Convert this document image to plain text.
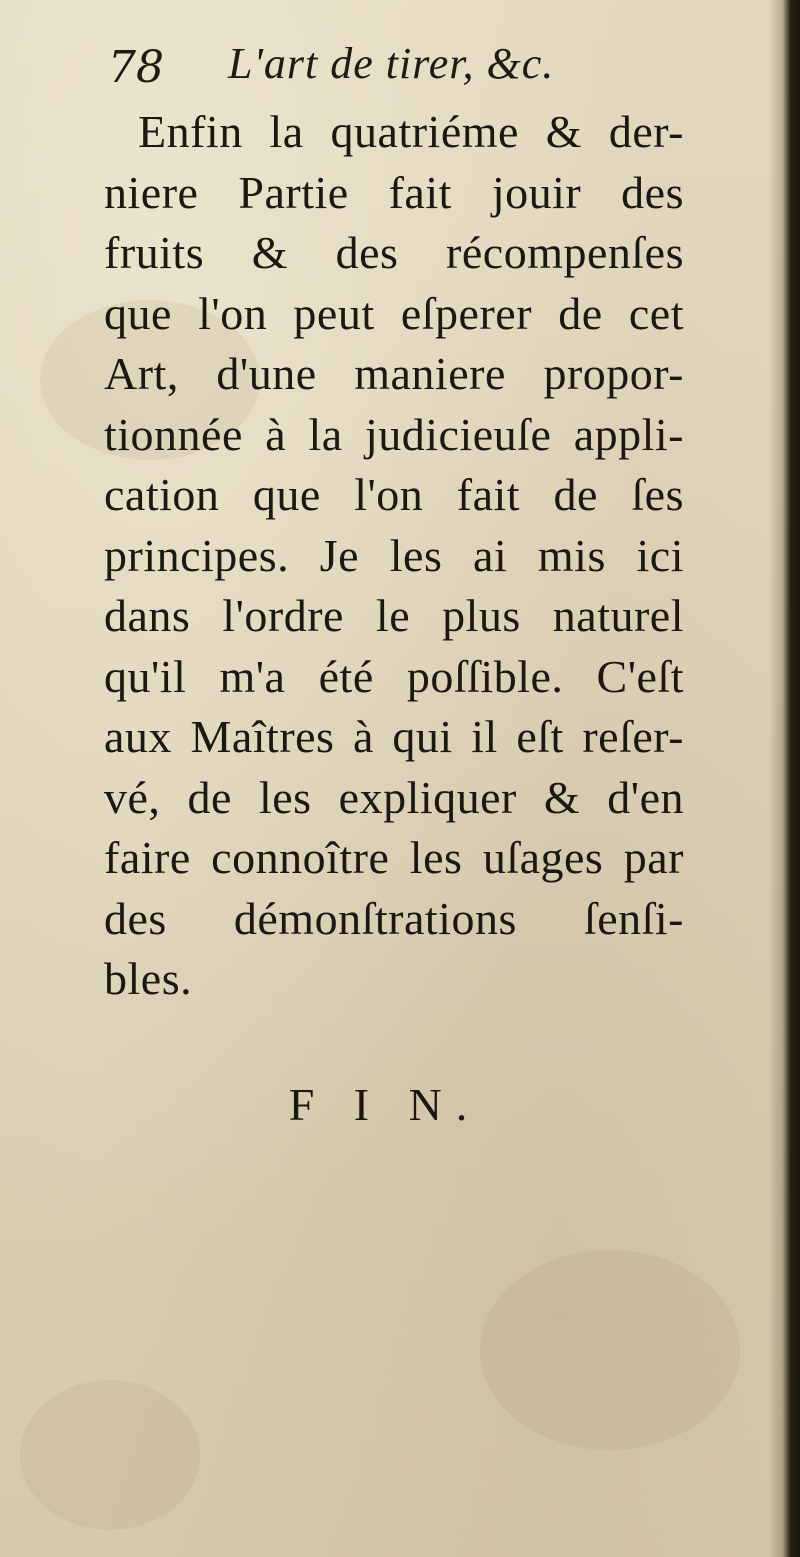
78 L'art de tirer, &c.
Enfin la quatriéme & der-
niere Partie fait jouir des
fruits & des récompenſes
que l'on peut eſperer de cet
Art, d'une maniere propor-
tionnée à la judicieuſe appli-
cation que l'on fait de ſes
principes. Je les ai mis ici
dans l'ordre le plus naturel
qu'il m'a été poſſible. C'eſt
aux Maîtres à qui il eſt reſer-
vé, de les expliquer & d'en
faire connoître les uſages par
des démonſtrations ſenſi-
bles.
F I N.
